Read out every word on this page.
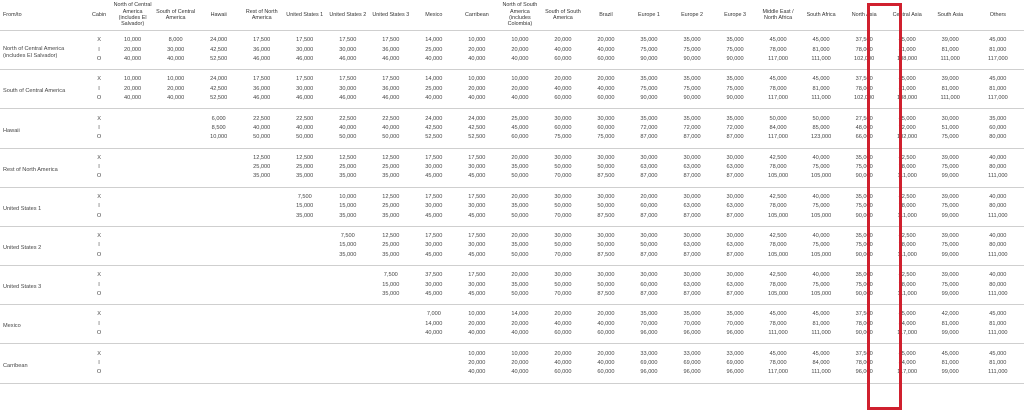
From/to	Cabin	North of Central America (includes El Salvador)	South of Central America	Hawaii	Rest of North America	United States 1	United States 2	United States 3	Mexico	Carribean	North of South America (includes Colombia)	South of South America	Brazil	Europe 1	Europe 2	Europe 3	Middle East / North Africa	South Africa	North Asia	Central Asia	South Asia	Others
North of Central America (includes El Salvador)	X	10,000	8,000	24,000	17,500	17,500	17,500	17,500	14,000	10,000	10,000	20,000	20,000	35,000	35,000	35,000	45,000	45,000	37,500	45,000	39,000	45,000
	I	20,000	30,000	42,500	36,000	30,000	30,000	36,000	25,000	20,000	20,000	40,000	40,000	75,000	75,000	75,000	78,000	81,000	78,000	81,000	81,000	81,000
	O	40,000	40,000	52,500	46,000	46,000	46,000	46,000	40,000	40,000	40,000	60,000	60,000	90,000	90,000	90,000	117,000	111,000	102,000	108,000	111,000	117,000
South of Central America	X	10,000	10,000	24,000	17,500	17,500	17,500	17,500	14,000	10,000	10,000	20,000	20,000	35,000	35,000	35,000	45,000	45,000	37,500	45,000	39,000	45,000
	I	20,000	20,000	42,500	36,000	30,000	30,000	36,000	25,000	20,000	20,000	40,000	40,000	75,000	75,000	75,000	78,000	81,000	78,000	81,000	81,000	81,000
	O	40,000	40,000	52,500	46,000	46,000	46,000	46,000	40,000	40,000	40,000	60,000	60,000	90,000	90,000	90,000	117,000	111,000	102,000	108,000	111,000	117,000
Hawaii	X			6,000	22,500	22,500	22,500	22,500	24,000	24,000	25,000	30,000	30,000	35,000	35,000	35,000	50,000	50,000	27,500	45,000	30,000	35,000
	I			8,500	40,000	40,000	40,000	40,000	42,500	42,500	45,000	60,000	60,000	72,000	72,000	72,000	84,000	85,000	48,000	72,000	51,000	60,000
	O			10,000	50,000	50,000	50,000	50,000	52,500	52,500	60,000	75,000	75,000	87,000	87,000	87,000	117,000	123,000	66,000	102,000	75,000	80,000
Rest of North America	X				12,500	12,500	12,500	12,500	17,500	17,500	20,000	30,000	30,000	30,000	30,000	30,000	42,500	40,000	35,000	42,500	39,000	40,000
	I				25,000	25,000	25,000	25,000	30,000	30,000	35,000	50,000	50,000	63,000	63,000	63,000	78,000	75,000	75,000	78,000	75,000	80,000
	O				35,000	35,000	35,000	35,000	45,000	45,000	50,000	70,000	87,500	87,000	87,000	87,000	105,000	105,000	90,000	111,000	99,000	111,000
United States 1	X					7,500	10,000	12,500	17,500	17,500	20,000	30,000	30,000	20,000	30,000	30,000	42,500	40,000	35,000	42,500	39,000	40,000
	I					15,000	15,000	25,000	30,000	30,000	35,000	50,000	50,000	60,000	63,000	63,000	78,000	75,000	75,000	78,000	75,000	80,000
	O					35,000	35,000	35,000	45,000	45,000	50,000	70,000	87,500	87,000	87,000	87,000	105,000	105,000	90,000	111,000	99,000	111,000
United States 2	X						7,500	12,500	17,500	17,500	20,000	30,000	30,000	30,000	30,000	30,000	42,500	40,000	35,000	42,500	39,000	40,000
	I						15,000	25,000	30,000	30,000	35,000	50,000	50,000	50,000	63,000	63,000	78,000	75,000	75,000	78,000	75,000	80,000
	O						35,000	35,000	45,000	45,000	50,000	70,000	87,500	87,000	87,000	87,000	105,000	105,000	90,000	111,000	99,000	111,000
United States 3	X							7,500	37,500	17,500	20,000	30,000	30,000	30,000	30,000	30,000	42,500	40,000	35,000	42,500	39,000	40,000
	I							15,000	30,000	30,000	35,000	50,000	50,000	60,000	63,000	63,000	78,000	75,000	75,000	78,000	75,000	80,000
	O							35,000	45,000	45,000	50,000	70,000	87,500	87,000	87,000	87,000	105,000	105,000	90,000	111,000	99,000	111,000
Mexico	X								7,000	10,000	14,000	20,000	20,000	35,000	35,000	35,000	45,000	45,000	37,500	45,000	42,000	45,000
	I								14,000	20,000	20,000	40,000	40,000	70,000	70,000	70,000	78,000	81,000	78,000	84,000	81,000	81,000
	O								40,000	40,000	40,000	60,000	60,000	96,000	96,000	96,000	111,000	111,000	90,000	117,000	99,000	111,000
Carribean	X									10,000	10,000	20,000	20,000	33,000	33,000	33,000	45,000	45,000	37,500	45,000	45,000	45,000
	I									20,000	20,000	40,000	40,000	69,000	69,000	69,000	78,000	84,000	78,000	84,000	81,000	81,000
	O									40,000	40,000	60,000	60,000	96,000	96,000	96,000	117,000	111,000	96,000	117,000	99,000	111,000
